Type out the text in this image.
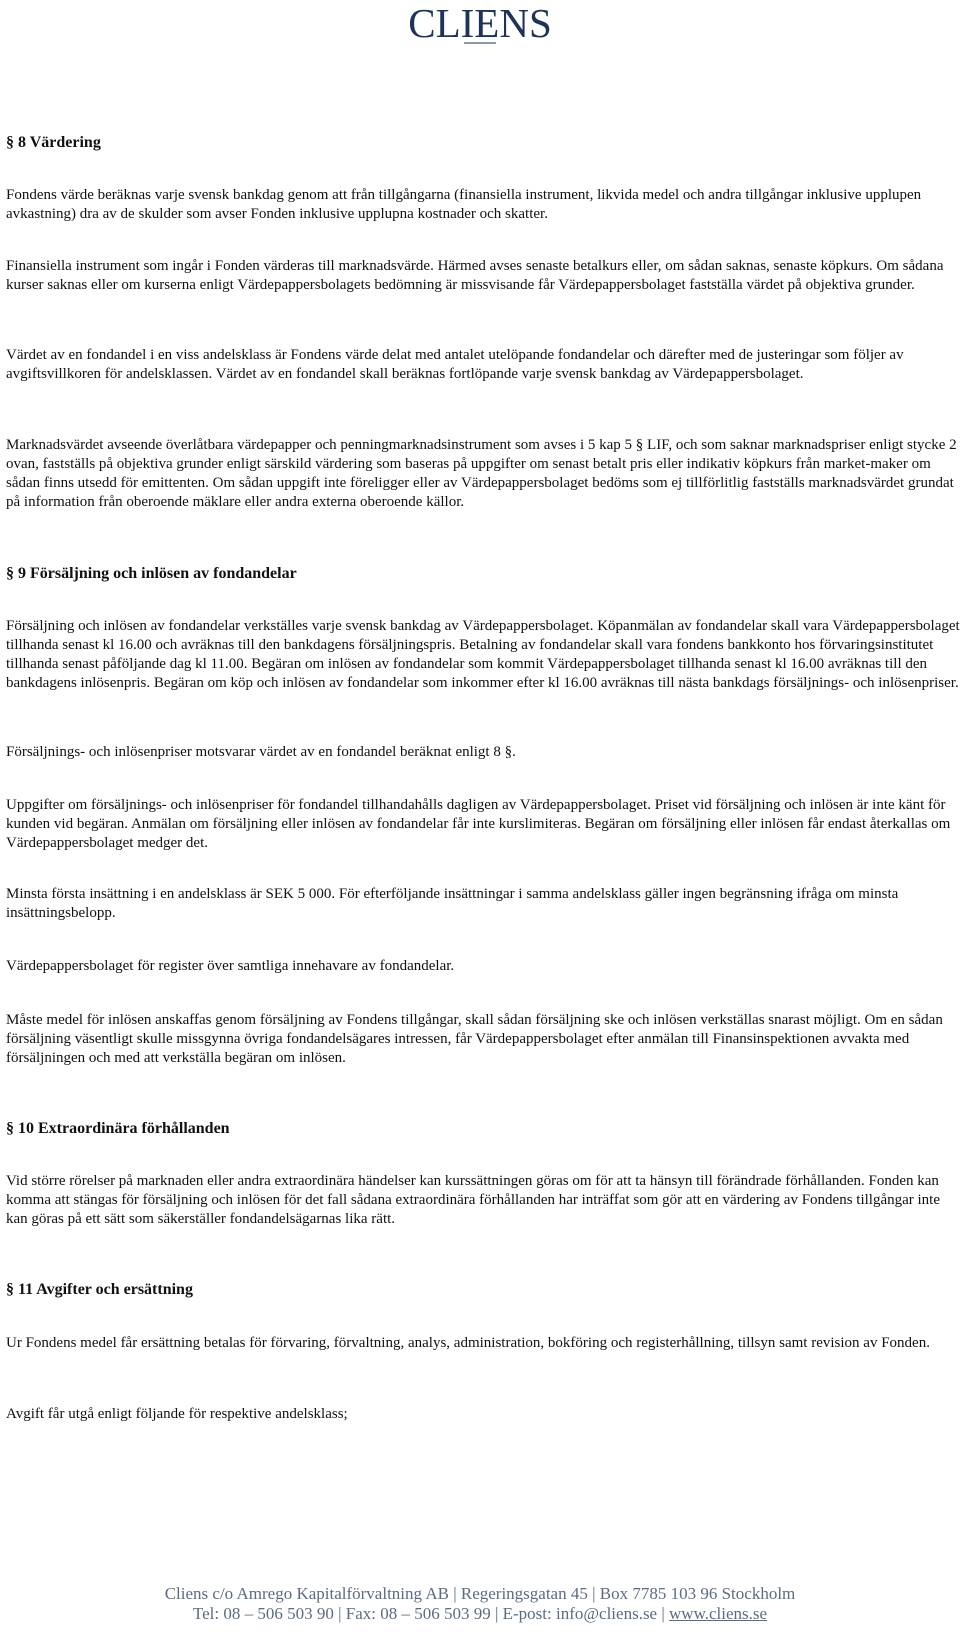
CLIENS
§ 8 Värdering

Fondens värde beräknas varje svensk bankdag genom att från tillgångarna (finansiella instrument, likvida medel och andra tillgångar inklusive upplupen avkastning) dra av de skulder som avser Fonden inklusive upplupna kostnader och skatter.

Finansiella instrument som ingår i Fonden värderas till marknadsvärde. Härmed avses senaste betalkurs eller, om sådan saknas, senaste köpkurs. Om sådana kurser saknas eller om kurserna enligt Värdepappersbolagets bedömning är missvisande får Värdepappersbolaget fastställa värdet på objektiva grunder.

Värdet av en fondandel i en viss andelsklass är Fondens värde delat med antalet utelöpande fondandelar och därefter med de justeringar som följer av avgiftsvillkoren för andelsklassen. Värdet av en fondandel skall beräknas fortlöpande varje svensk bankdag av Värdepappersbolaget.

Marknadsvärdet avseende överlåtbara värdepapper och penningmarknadsinstrument som avses i 5 kap 5 § LIF, och som saknar marknadspriser enligt stycke 2 ovan, fastställs på objektiva grunder enligt särskild värdering som baseras på uppgifter om senast betalt pris eller indikativ köpkurs från market-maker om sådan finns utsedd för emittenten. Om sådan uppgift inte föreligger eller av Värdepappersbolaget bedöms som ej tillförlitlig fastställs marknadsvärdet grundat på information från oberoende mäklare eller andra externa oberoende källor.

§ 9 Försäljning och inlösen av fondandelar

Försäljning och inlösen av fondandelar verkställes varje svensk bankdag av Värdepappersbolaget. Köpanmälan av fondandelar skall vara Värdepappersbolaget tillhanda senast kl 16.00 och avräknas till den bankdagens försäljningspris. Betalning av fondandelar skall vara fondens bankkonto hos förvaringsinstitutet tillhanda senast påföljande dag kl 11.00. Begäran om inlösen av fondandelar som kommit Värdepappersbolaget tillhanda senast kl 16.00 avräknas till den bankdagens inlösenpris. Begäran om köp och inlösen av fondandelar som inkommer efter kl 16.00 avräknas till nästa bankdags försäljnings- och inlösenpriser.

Försäljnings- och inlösenpriser motsvarar värdet av en fondandel beräknat enligt 8 §.

Uppgifter om försäljnings- och inlösenpriser för fondandel tillhandahålls dagligen av Värdepappersbolaget. Priset vid försäljning och inlösen är inte känt för kunden vid begäran. Anmälan om försäljning eller inlösen av fondandelar får inte kurslimiteras. Begäran om försäljning eller inlösen får endast återkallas om Värdepappersbolaget medger det.

Minsta första insättning i en andelsklass är SEK 5 000. För efterföljande insättningar i samma andelsklass gäller ingen begränsning ifråga om minsta insättningsbelopp.

Värdepappersbolaget för register över samtliga innehavare av fondandelar.

Måste medel för inlösen anskaffas genom försäljning av Fondens tillgångar, skall sådan försäljning ske och inlösen verkställas snarast möjligt. Om en sådan försäljning väsentligt skulle missgynna övriga fondandelsägares intressen, får Värdepappersbolaget efter anmälan till Finansinspektionen avvakta med försäljningen och med att verkställa begäran om inlösen.

§ 10 Extraordinära förhållanden

Vid större rörelser på marknaden eller andra extraordinära händelser kan kurssättningen göras om för att ta hänsyn till förändrade förhållanden. Fonden kan komma att stängas för försäljning och inlösen för det fall sådana extraordinära förhållanden har inträffat som gör att en värdering av Fondens tillgångar inte kan göras på ett sätt som säkerställer fondandelsägarnas lika rätt.

§ 11 Avgifter och ersättning

Ur Fondens medel får ersättning betalas för förvaring, förvaltning, analys, administration, bokföring och registerhållning, tillsyn samt revision av Fonden.

Avgift får utgå enligt följande för respektive andelsklass;

Cliens c/o Amrego Kapitalförvaltning AB | Regeringsgatan 45 | Box 7785 103 96 Stockholm
Tel: 08 – 506 503 90 | Fax: 08 – 506 503 99 | E-post: info@cliens.se | www.cliens.se
